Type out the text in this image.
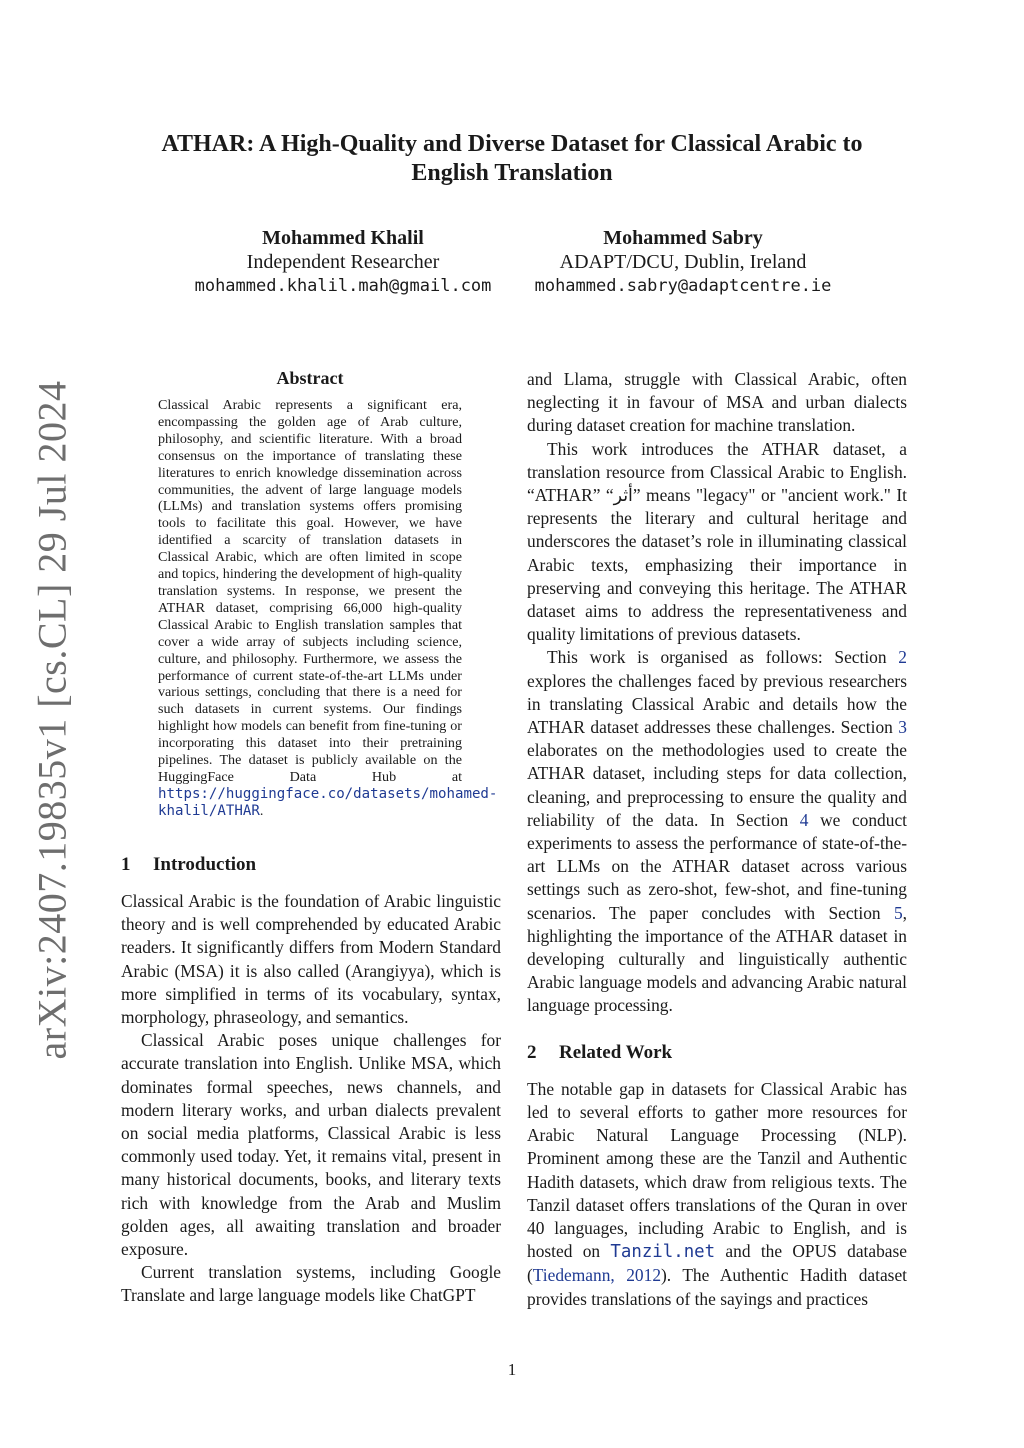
ATHAR: A High-Quality and Diverse Dataset for Classical Arabic to English Translation
Mohammed Khalil
Independent Researcher
mohammed.khalil.mah@gmail.com
Mohammed Sabry
ADAPT/DCU, Dublin, Ireland
mohammed.sabry@adaptcentre.ie
arXiv:2407.19835v1 [cs.CL] 29 Jul 2024
Abstract

Classical Arabic represents a significant era, encompassing the golden age of Arab culture, philosophy, and scientific literature. With a broad consensus on the importance of translating these literatures to enrich knowledge dissemination across communities, the advent of large language models (LLMs) and translation systems offers promising tools to facilitate this goal. However, we have identified a scarcity of translation datasets in Classical Arabic, which are often limited in scope and topics, hindering the development of high-quality translation systems. In response, we present the ATHAR dataset, comprising 66,000 high-quality Classical Arabic to English translation samples that cover a wide array of subjects including science, culture, and philosophy. Furthermore, we assess the performance of current state-of-the-art LLMs under various settings, concluding that there is a need for such datasets in current systems. Our findings highlight how models can benefit from fine-tuning or incorporating this dataset into their pretraining pipelines. The dataset is publicly available on the HuggingFace Data Hub at https://huggingface.co/datasets/mohamed-khalil/ATHAR.

1 Introduction

Classical Arabic is the foundation of Arabic linguistic theory and is well comprehended by educated Arabic readers. It significantly differs from Modern Standard Arabic (MSA) it is also called (Arangiyya), which is more simplified in terms of its vocabulary, syntax, morphology, phraseology, and semantics.

Classical Arabic poses unique challenges for accurate translation into English. Unlike MSA, which dominates formal speeches, news channels, and modern literary works, and urban dialects prevalent on social media platforms, Classical Arabic is less commonly used today. Yet, it remains vital, present in many historical documents, books, and literary texts rich with knowledge from the Arab and Muslim golden ages, all awaiting translation and broader exposure.

Current translation systems, including Google Translate and large language models like ChatGPT

and Llama, struggle with Classical Arabic, often neglecting it in favour of MSA and urban dialects during dataset creation for machine translation.

This work introduces the ATHAR dataset, a translation resource from Classical Arabic to English. “ATHAR” “أثر” means "legacy" or "ancient work." It represents the literary and cultural heritage and underscores the dataset’s role in illuminating classical Arabic texts, emphasizing their importance in preserving and conveying this heritage. The ATHAR dataset aims to address the representativeness and quality limitations of previous datasets.

This work is organised as follows: Section 2 explores the challenges faced by previous researchers in translating Classical Arabic and details how the ATHAR dataset addresses these challenges. Section 3 elaborates on the methodologies used to create the ATHAR dataset, including steps for data collection, cleaning, and preprocessing to ensure the quality and reliability of the data. In Section 4 we conduct experiments to assess the performance of state-of-the-art LLMs on the ATHAR dataset across various settings such as zero-shot, few-shot, and fine-tuning scenarios. The paper concludes with Section 5, highlighting the importance of the ATHAR dataset in developing culturally and linguistically authentic Arabic language models and advancing Arabic natural language processing.

2 Related Work

The notable gap in datasets for Classical Arabic has led to several efforts to gather more resources for Arabic Natural Language Processing (NLP). Prominent among these are the Tanzil and Authentic Hadith datasets, which draw from religious texts. The Tanzil dataset offers translations of the Quran in over 40 languages, including Arabic to English, and is hosted on Tanzil.net and the OPUS database (Tiedemann, 2012). The Authentic Hadith dataset provides translations of the sayings and practices

1
